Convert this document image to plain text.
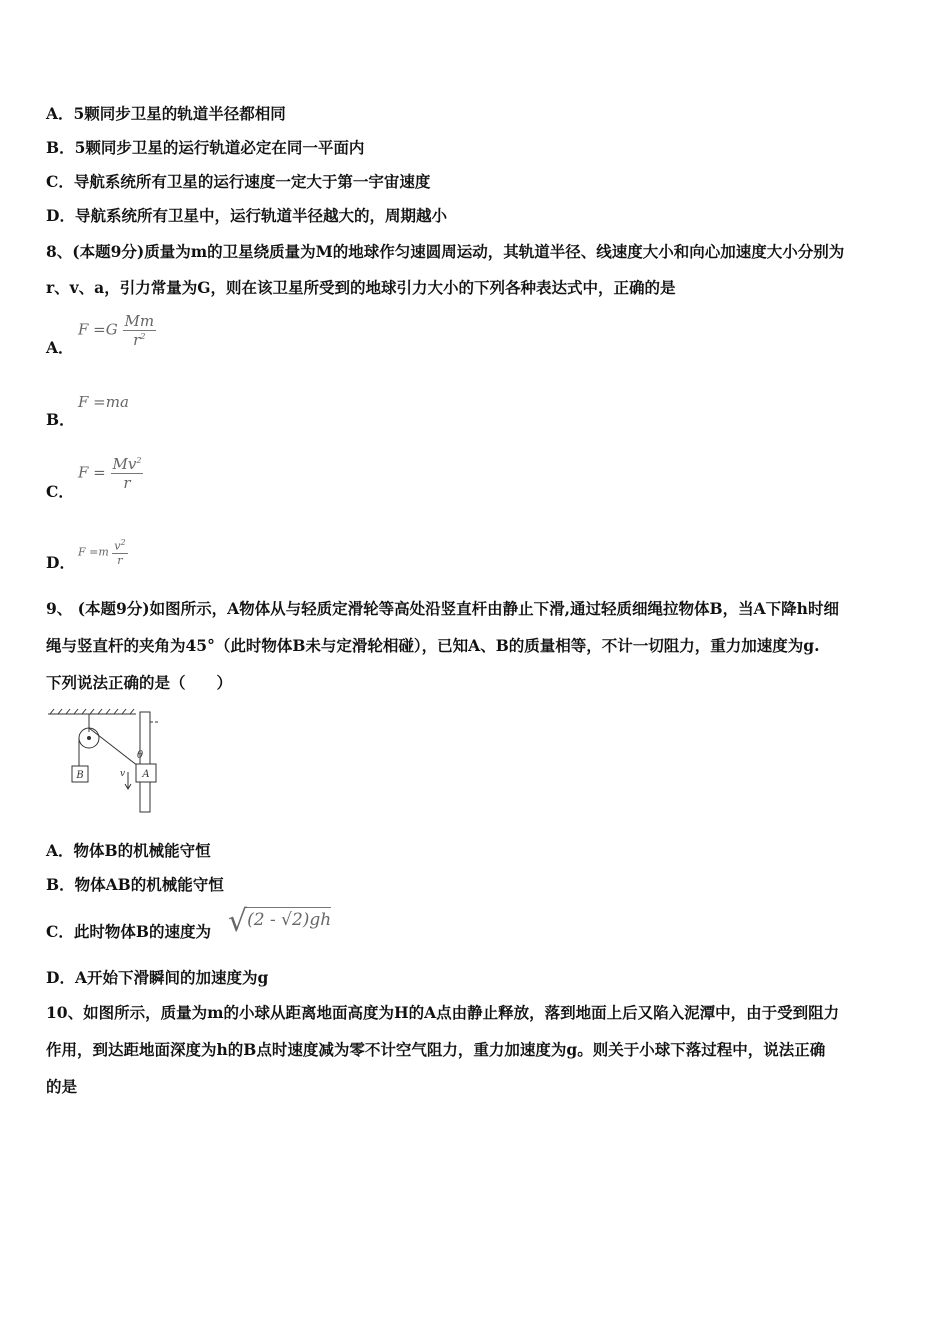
A．5颗同步卫星的轨道半径都相同
B．5颗同步卫星的运行轨道必定在同一平面内
C．导航系统所有卫星的运行速度一定大于第一宇宙速度
D．导航系统所有卫星中，运行轨道半径越大的，周期越小
8、(本题9分)质量为m的卫星绕质量为M的地球作匀速圆周运动，其轨道半径、线速度大小和向心加速度大小分别为
r、v、a，引力常量为G，则在该卫星所受到的地球引力大小的下列各种表达式中，正确的是
A．
$F =G \frac{Mm}{r^2}$
B．
F =ma
C．
$F = \frac{Mv^2}{r}$
D．
$F =m \frac{v^2}{r}$
9、 (本题9分)如图所示，A物体从与轻质定滑轮等高处沿竖直杆由静止下滑,通过轻质细绳拉物体B，当A下降h时细
绳与竖直杆的夹角为45°（此时物体B未与定滑轮相碰），已知A、B的质量相等，不计一切阻力，重力加速度为g.
下列说法正确的是（　　）
B	A
θ
v
A．物体B的机械能守恒
B．物体AB的机械能守恒
C．此时物体B的速度为 √(2 - √2)gh
D．A开始下滑瞬间的加速度为g
10、如图所示，质量为m的小球从距离地面高度为H的A点由静止释放，落到地面上后又陷入泥潭中，由于受到阻力
作用，到达距地面深度为h的B点时速度减为零不计空气阻力，重力加速度为g。则关于小球下落过程中，说法正确
的是
